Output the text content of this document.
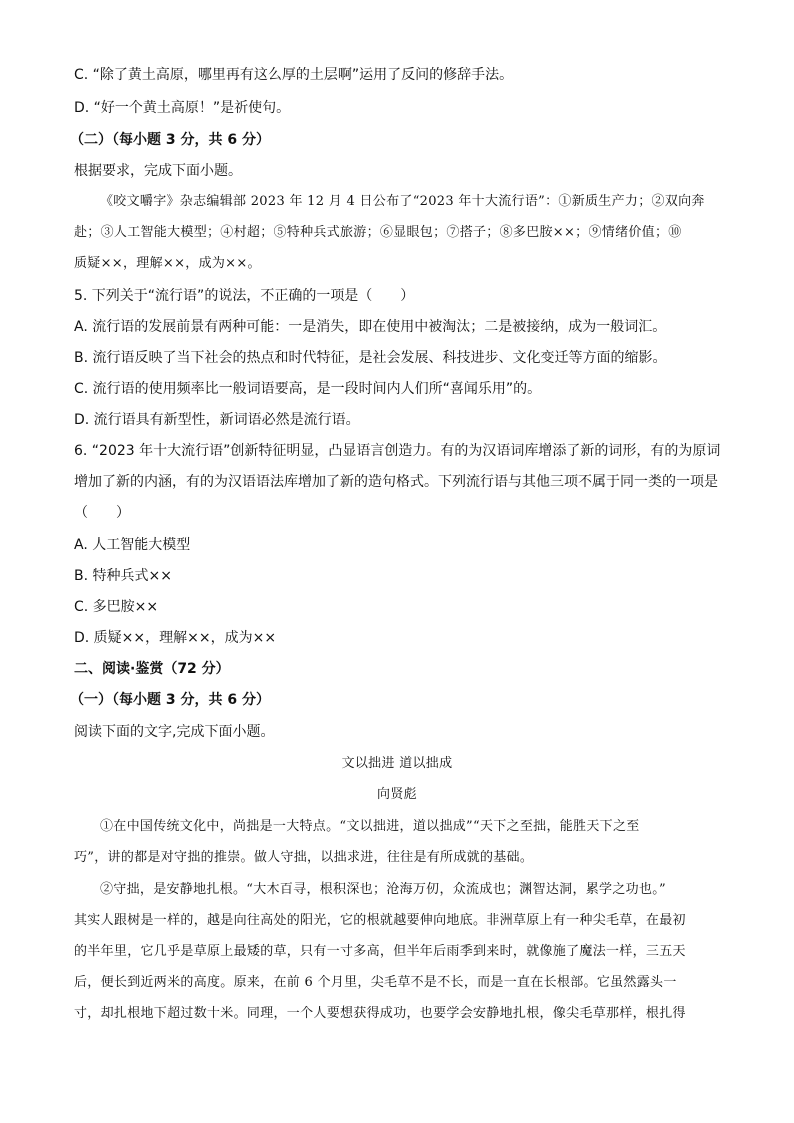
C. “除了黄土高原，哪里再有这么厚的土层啊”运用了反问的修辞手法。
D. “好一个黄土高原！”是祈使句。
（二）（每小题 3 分，共 6 分）
根据要求，完成下面小题。
《咬文嚼字》杂志编辑部 2023 年 12 月 4 日公布了“2023 年十大流行语”：①新质生产力；②双向奔
赴；③人工智能大模型；④村超；⑤特种兵式旅游；⑥显眼包；⑦搭子；⑧多巴胺××；⑨情绪价值；⑩
质疑××，理解××，成为××。
5. 下列关于“流行语”的说法，不正确的一项是（　　）
A. 流行语的发展前景有两种可能：一是消失，即在使用中被淘汰；二是被接纳，成为一般词汇。
B. 流行语反映了当下社会的热点和时代特征，是社会发展、科技进步、文化变迁等方面的缩影。
C. 流行语的使用频率比一般词语要高，是一段时间内人们所“喜闻乐用”的。
D. 流行语具有新型性，新词语必然是流行语。
6. “2023 年十大流行语”创新特征明显，凸显语言创造力。有的为汉语词库增添了新的词形，有的为原词
增加了新的内涵，有的为汉语语法库增加了新的造句格式。下列流行语与其他三项不属于同一类的一项是
（　　）
A. 人工智能大模型
B. 特种兵式××
C. 多巴胺××
D. 质疑××，理解××，成为××
二、阅读·鉴赏（72 分）
（一）（每小题 3 分，共 6 分）
阅读下面的文字,完成下面小题。
文以拙进 道以拙成
向贤彪
①在中国传统文化中，尚拙是一大特点。“文以拙进，道以拙成”“天下之至拙，能胜天下之至
巧”，讲的都是对守拙的推崇。做人守拙，以拙求进，往往是有所成就的基础。
②守拙，是安静地扎根。“大木百寻，根积深也；沧海万仞，众流成也；渊智达洞，累学之功也。”
其实人跟树是一样的，越是向往高处的阳光，它的根就越要伸向地底。非洲草原上有一种尖毛草，在最初
的半年里，它几乎是草原上最矮的草，只有一寸多高，但半年后雨季到来时，就像施了魔法一样，三五天
后，便长到近两米的高度。原来，在前 6 个月里，尖毛草不是不长，而是一直在长根部。它虽然露头一
寸，却扎根地下超过数十米。同理，一个人要想获得成功，也要学会安静地扎根，像尖毛草那样，根扎得
